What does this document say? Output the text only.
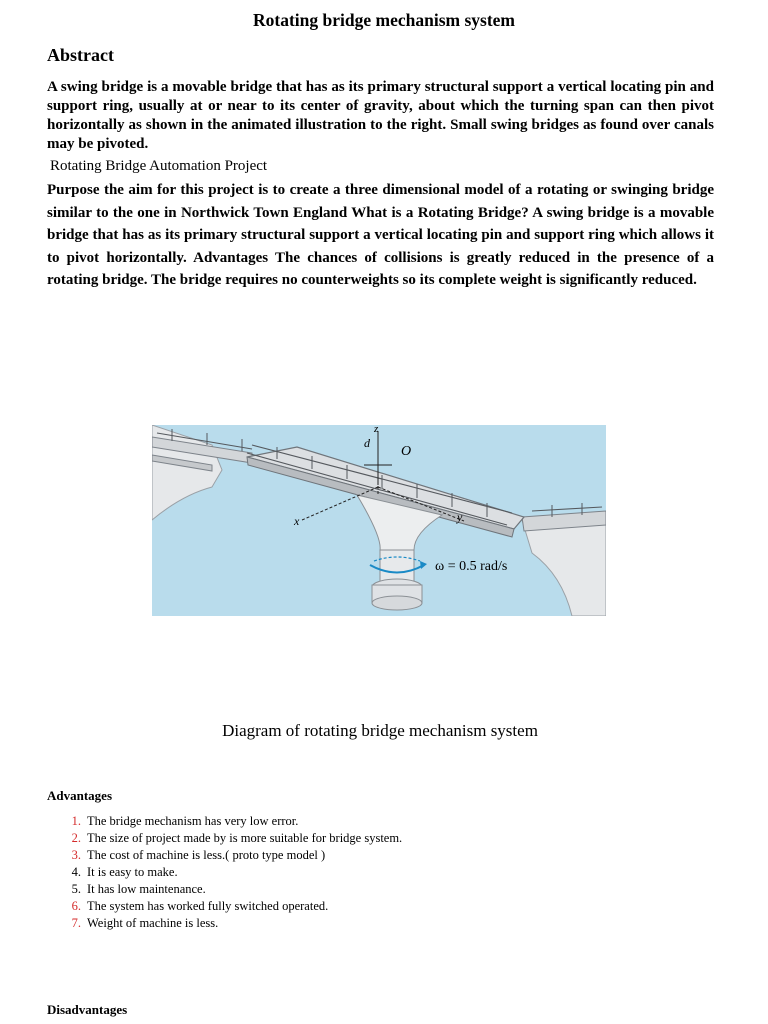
Rotating bridge mechanism system
Abstract
A swing bridge is a movable bridge that has as its primary structural support a vertical locating pin and support ring, usually at or near to its center of gravity, about which the turning span can then pivot horizontally as shown in the animated illustration to the right. Small swing bridges as found over canals may be pivoted.
Rotating Bridge Automation Project
Purpose the aim for this project is to create a three dimensional model of a rotating or swinging bridge similar to the one in Northwick Town England What is a Rotating Bridge? A swing bridge is a movable bridge that has as its primary structural support a vertical locating pin and support ring which allows it to pivot horizontally. Advantages The chances of collisions is greatly reduced in the presence of a rotating bridge. The bridge requires no counterweights so its complete weight is significantly reduced.
z
d
O
x	y
ω = 0.5 rad/s
Diagram of rotating bridge mechanism system
Advantages
1. The bridge mechanism has very low error.
2. The size of project made by is more suitable for bridge system.
3. The cost of machine is less.( proto type model )
4. It is easy to make.
5. It has low maintenance.
6. The system has worked fully switched operated.
7. Weight of machine is less.
Disadvantages
